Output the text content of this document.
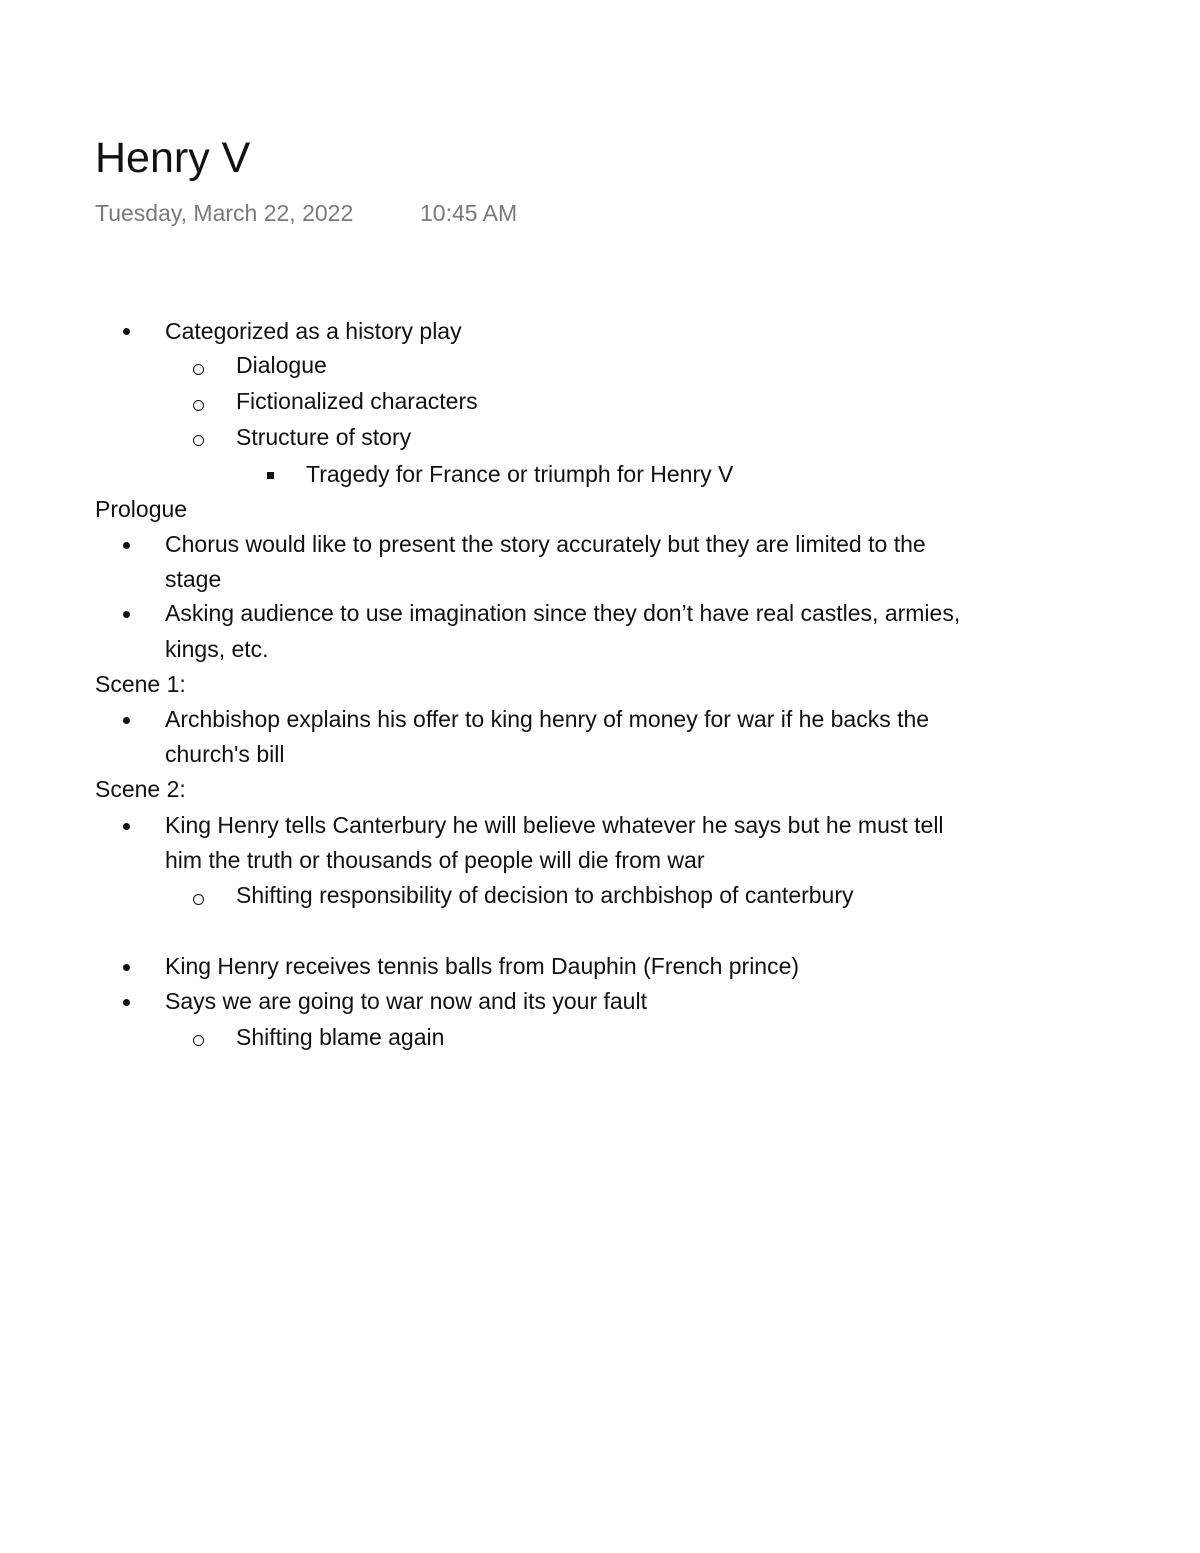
Henry V
Tuesday, March 22, 2022	10:45 AM
Categorized as a history play
Dialogue
Fictionalized characters
Structure of story
Tragedy for France or triumph for Henry V
Prologue
Chorus would like to present the story accurately but they are limited to the
stage
Asking audience to use imagination since they don’t have real castles, armies,
kings, etc.
Scene 1:
Archbishop explains his offer to king henry of money for war if he backs the
church's bill
Scene 2:
King Henry tells Canterbury he will believe whatever he says but he must tell
him the truth or thousands of people will die from war
Shifting responsibility of decision to archbishop of canterbury
King Henry receives tennis balls from Dauphin (French prince)
Says we are going to war now and its your fault
Shifting blame again
